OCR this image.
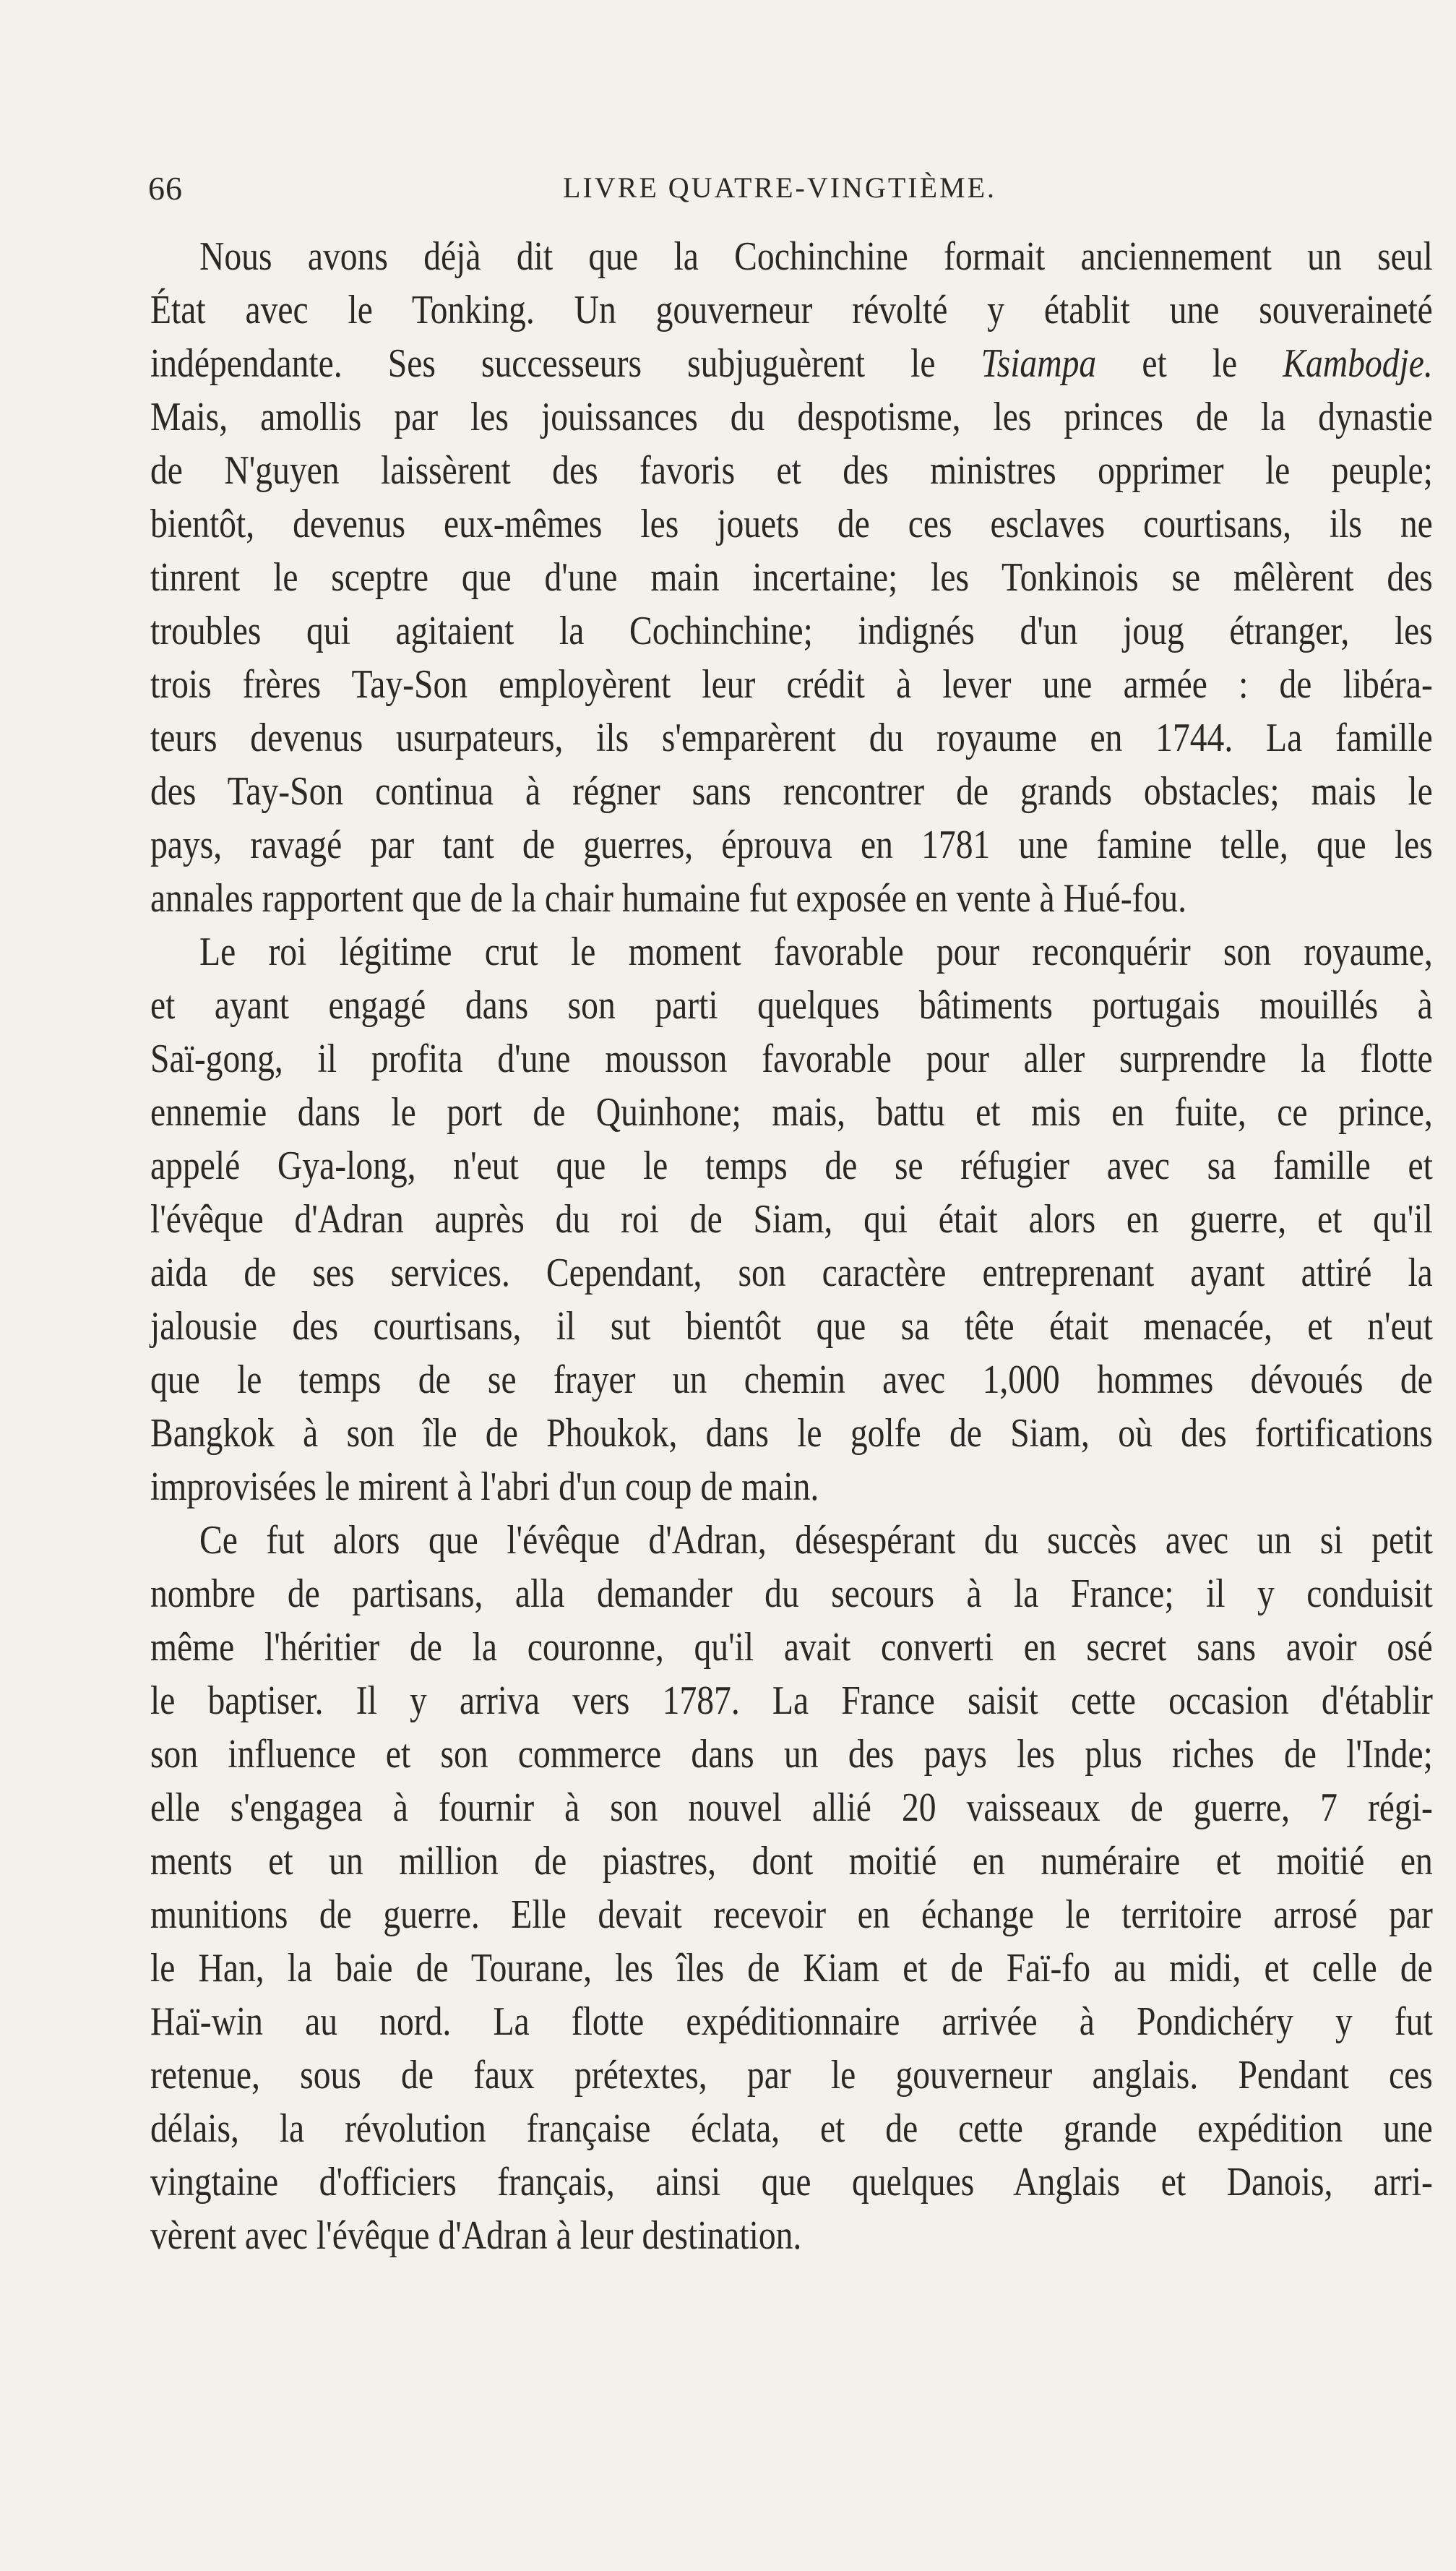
66	LIVRE QUATRE-VINGTIÈME.
Nous avons déjà dit que la Cochinchine formait anciennement un seul
État avec le Tonking. Un gouverneur révolté y établit une souveraineté
indépendante. Ses successeurs subjuguèrent le Tsiampa et le Kambodje.
Mais, amollis par les jouissances du despotisme, les princes de la dynastie
de N'guyen laissèrent des favoris et des ministres opprimer le peuple;
bientôt, devenus eux-mêmes les jouets de ces esclaves courtisans, ils ne
tinrent le sceptre que d'une main incertaine; les Tonkinois se mêlèrent des
troubles qui agitaient la Cochinchine; indignés d'un joug étranger, les
trois frères Tay-Son employèrent leur crédit à lever une armée : de libéra-
teurs devenus usurpateurs, ils s'emparèrent du royaume en 1744. La famille
des Tay-Son continua à régner sans rencontrer de grands obstacles; mais le
pays, ravagé par tant de guerres, éprouva en 1781 une famine telle, que les
annales rapportent que de la chair humaine fut exposée en vente à Hué-fou.
Le roi légitime crut le moment favorable pour reconquérir son royaume,
et ayant engagé dans son parti quelques bâtiments portugais mouillés à
Saï-gong, il profita d'une mousson favorable pour aller surprendre la flotte
ennemie dans le port de Quinhone; mais, battu et mis en fuite, ce prince,
appelé Gya-long, n'eut que le temps de se réfugier avec sa famille et
l'évêque d'Adran auprès du roi de Siam, qui était alors en guerre, et qu'il
aida de ses services. Cependant, son caractère entreprenant ayant attiré la
jalousie des courtisans, il sut bientôt que sa tête était menacée, et n'eut
que le temps de se frayer un chemin avec 1,000 hommes dévoués de
Bangkok à son île de Phoukok, dans le golfe de Siam, où des fortifications
improvisées le mirent à l'abri d'un coup de main.
Ce fut alors que l'évêque d'Adran, désespérant du succès avec un si petit
nombre de partisans, alla demander du secours à la France; il y conduisit
même l'héritier de la couronne, qu'il avait converti en secret sans avoir osé
le baptiser. Il y arriva vers 1787. La France saisit cette occasion d'établir
son influence et son commerce dans un des pays les plus riches de l'Inde;
elle s'engagea à fournir à son nouvel allié 20 vaisseaux de guerre, 7 régi-
ments et un million de piastres, dont moitié en numéraire et moitié en
munitions de guerre. Elle devait recevoir en échange le territoire arrosé par
le Han, la baie de Tourane, les îles de Kiam et de Faï-fo au midi, et celle de
Haï-win au nord. La flotte expéditionnaire arrivée à Pondichéry y fut
retenue, sous de faux prétextes, par le gouverneur anglais. Pendant ces
délais, la révolution française éclata, et de cette grande expédition une
vingtaine d'officiers français, ainsi que quelques Anglais et Danois, arri-
vèrent avec l'évêque d'Adran à leur destination.
